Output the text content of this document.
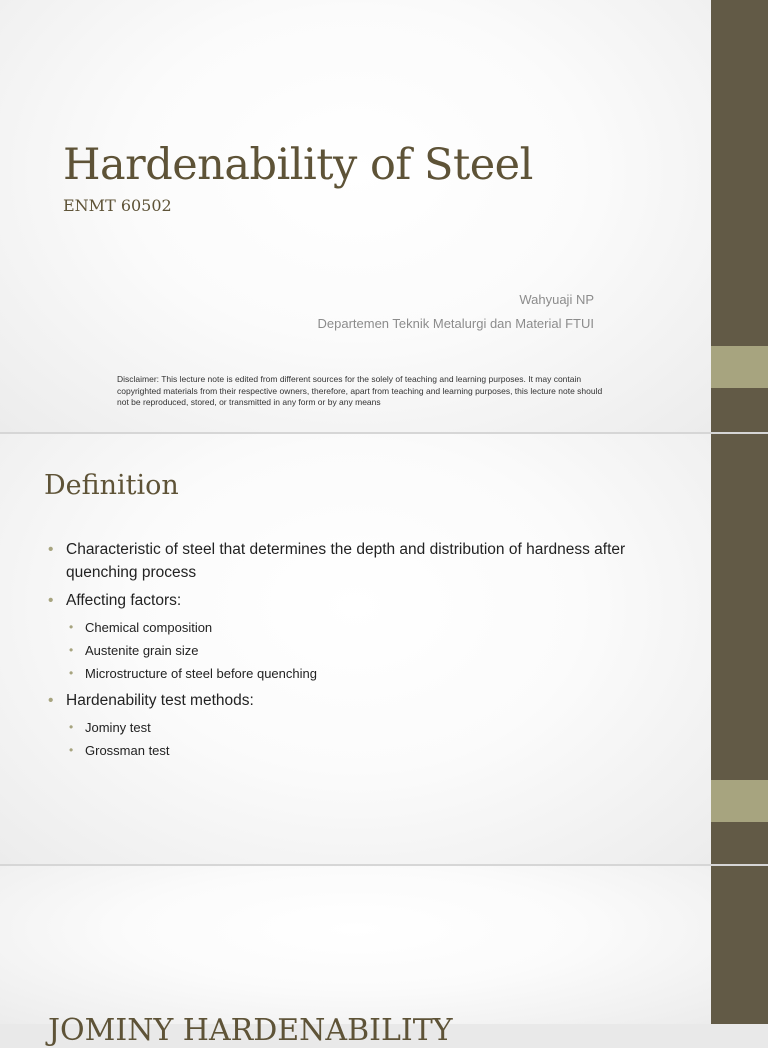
Hardenability of Steel

ENMT 60502

Wahyuaji NP

Departemen Teknik Metalurgi dan Material FTUI

Disclaimer: This lecture note is edited from different sources for the solely of teaching and learning purposes. It may contain copyrighted materials from their respective owners, therefore, apart from teaching and learning purposes, this lecture note should not be reproduced, stored, or transmitted in any form or by any means

Definition

• Characteristic of steel that determines the depth and distribution of hardness after quenching process

• Affecting factors:

• Chemical composition

• Austenite grain size

• Microstructure of steel before quenching

• Hardenability test methods:

• Jominy test

• Grossman test

JOMINY HARDENABILITY
